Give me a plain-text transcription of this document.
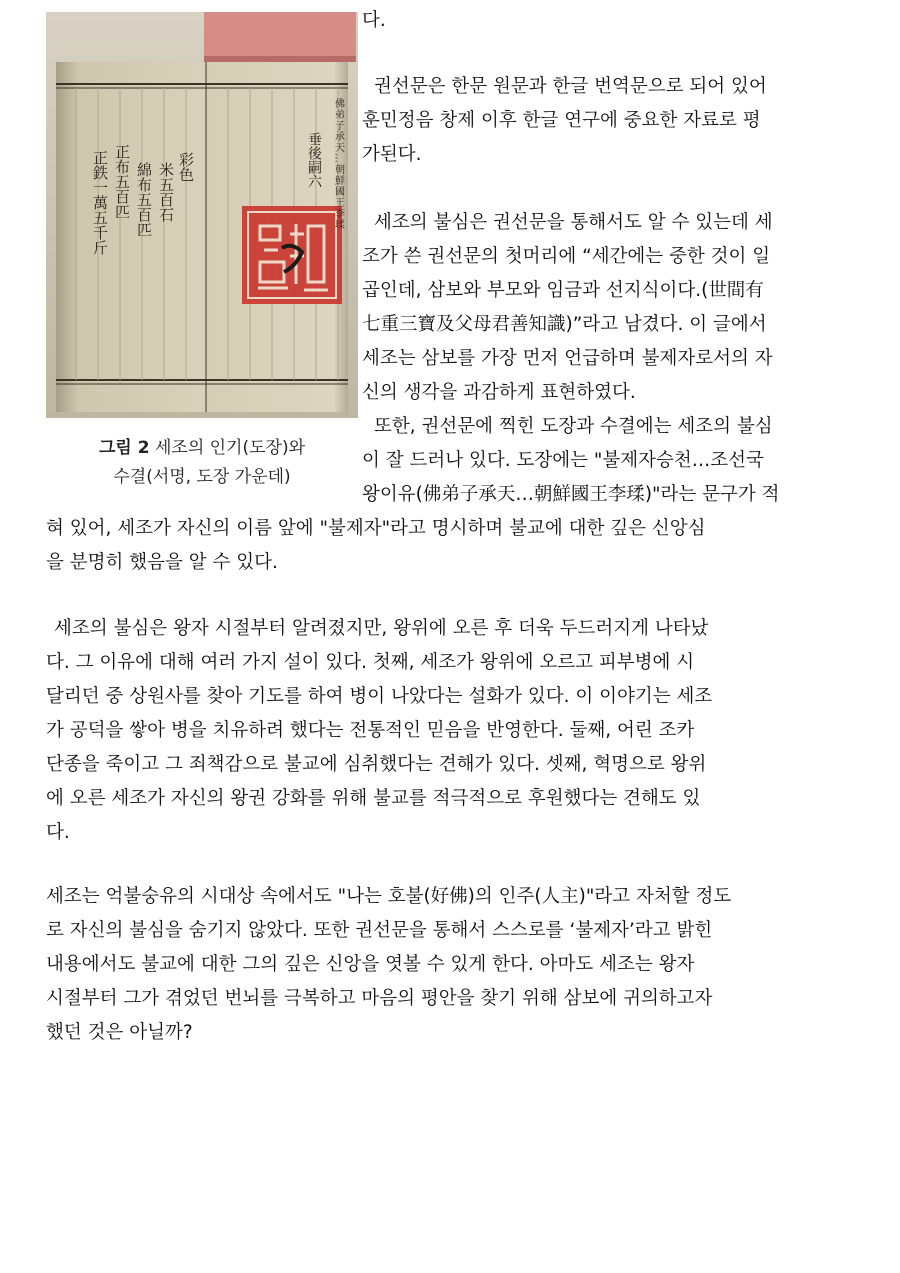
佛弟子承天…朝鮮國王李瑈
垂後嗣六
彩色
米五百石
綿布五百匹
正布五百匹
正鉄一萬五千斤
그림 2 세조의 인기(도장)와
수결(서명, 도장 가운데)

다.

권선문은 한문 원문과 한글 번역문으로 되어 있어
훈민정음 창제 이후 한글 연구에 중요한 자료로 평
가된다.

세조의 불심은 권선문을 통해서도 알 수 있는데 세
조가 쓴 권선문의 첫머리에 “세간에는 중한 것이 일
곱인데, 삼보와 부모와 임금과 선지식이다.(世間有
七重三寶及父母君善知識)”라고 남겼다. 이 글에서
세조는 삼보를 가장 먼저 언급하며 불제자로서의 자
신의 생각을 과감하게 표현하였다.

또한, 권선문에 찍힌 도장과 수결에는 세조의 불심
이 잘 드러나 있다. 도장에는 "불제자승천…조선국
왕이유(佛弟子承天…朝鮮國王李瑈)"라는 문구가 적

혀 있어, 세조가 자신의 이름 앞에 "불제자"라고 명시하며 불교에 대한 깊은 신앙심
을 분명히 했음을 알 수 있다.

세조의 불심은 왕자 시절부터 알려졌지만, 왕위에 오른 후 더욱 두드러지게 나타났
다. 그 이유에 대해 여러 가지 설이 있다. 첫째, 세조가 왕위에 오르고 피부병에 시
달리던 중 상원사를 찾아 기도를 하여 병이 나았다는 설화가 있다. 이 이야기는 세조
가 공덕을 쌓아 병을 치유하려 했다는 전통적인 믿음을 반영한다. 둘째, 어린 조카
단종을 죽이고 그 죄책감으로 불교에 심취했다는 견해가 있다. 셋째, 혁명으로 왕위
에 오른 세조가 자신의 왕권 강화를 위해 불교를 적극적으로 후원했다는 견해도 있
다.

세조는 억불숭유의 시대상 속에서도 "나는 호불(好佛)의 인주(人主)"라고 자처할 정도
로 자신의 불심을 숨기지 않았다. 또한 권선문을 통해서 스스로를 ‘불제자’라고 밝힌
내용에서도 불교에 대한 그의 깊은 신앙을 엿볼 수 있게 한다. 아마도 세조는 왕자
시절부터 그가 겪었던 번뇌를 극복하고 마음의 평안을 찾기 위해 삼보에 귀의하고자
했던 것은 아닐까?
